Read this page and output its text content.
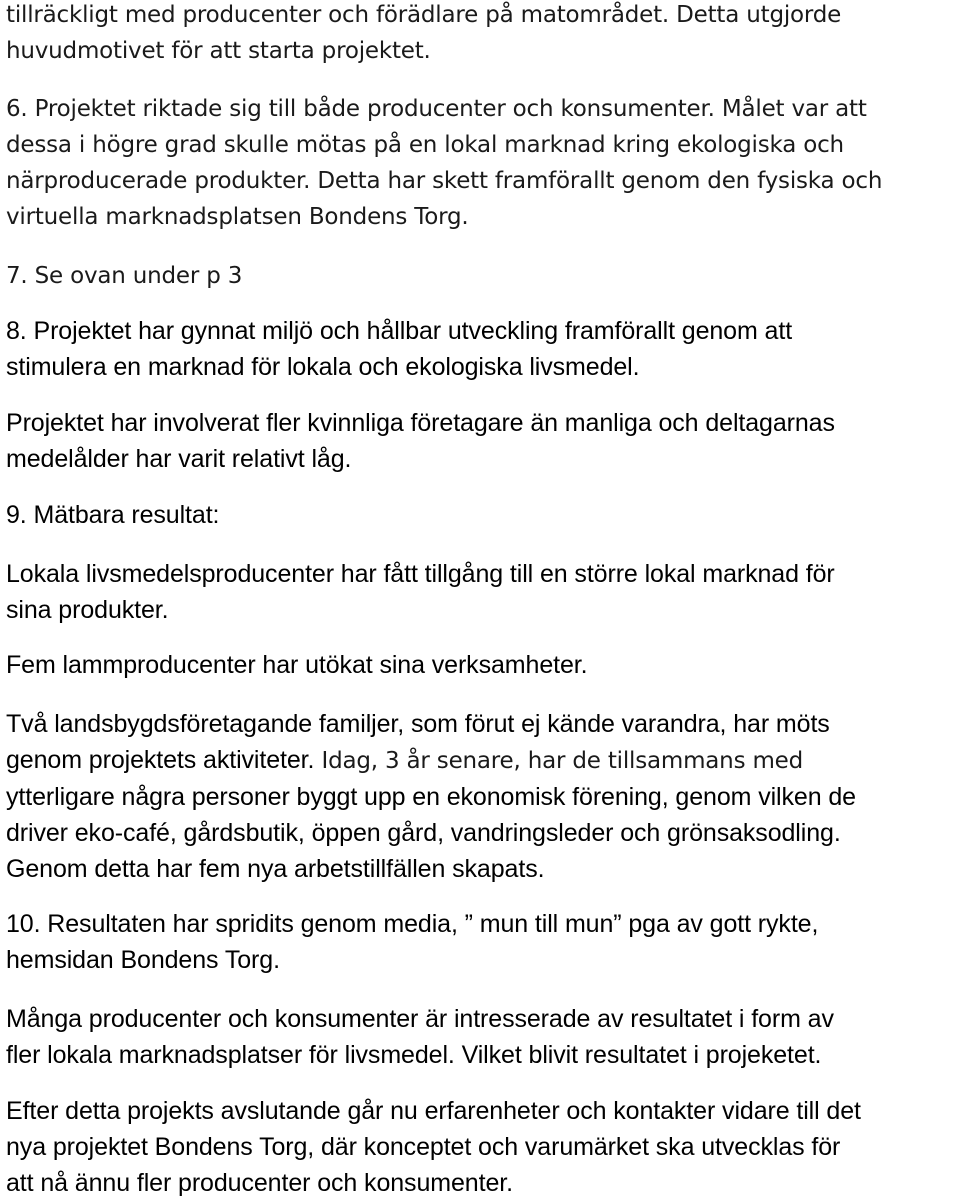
tillräckligt med producenter och förädlare på matområdet. Detta utgjorde
huvudmotivet för att starta projektet.

6. Projektet riktade sig till både producenter och konsumenter. Målet var att
dessa i högre grad skulle mötas på en lokal marknad kring ekologiska och
närproducerade produkter. Detta har skett framförallt genom den fysiska och
virtuella marknadsplatsen Bondens Torg.

7. Se ovan under p 3

8. Projektet har gynnat miljö och hållbar utveckling framförallt genom att
stimulera en marknad för lokala och ekologiska livsmedel.

Projektet har involverat fler kvinnliga företagare än manliga och deltagarnas
medelålder har varit relativt låg.

9. Mätbara resultat:

Lokala livsmedelsproducenter har fått tillgång till en större lokal marknad för
sina produkter.

Fem lammproducenter har utökat sina verksamheter.

Två landsbygdsföretagande familjer, som förut ej kände varandra, har möts
genom projektets aktiviteter. Idag, 3 år senare, har de tillsammans med
ytterligare några personer byggt upp en ekonomisk förening, genom vilken de
driver eko-café, gårdsbutik, öppen gård, vandringsleder och grönsaksodling.
Genom detta har fem nya arbetstillfällen skapats.

10. Resultaten har spridits genom media, ” mun till mun” pga av gott rykte,
hemsidan Bondens Torg.

Många producenter och konsumenter är intresserade av resultatet i form av
fler lokala marknadsplatser för livsmedel. Vilket blivit resultatet i projeketet.

Efter detta projekts avslutande går nu erfarenheter och kontakter vidare till det
nya projektet Bondens Torg, där konceptet och varumärket ska utvecklas för
att nå ännu fler producenter och konsumenter.
